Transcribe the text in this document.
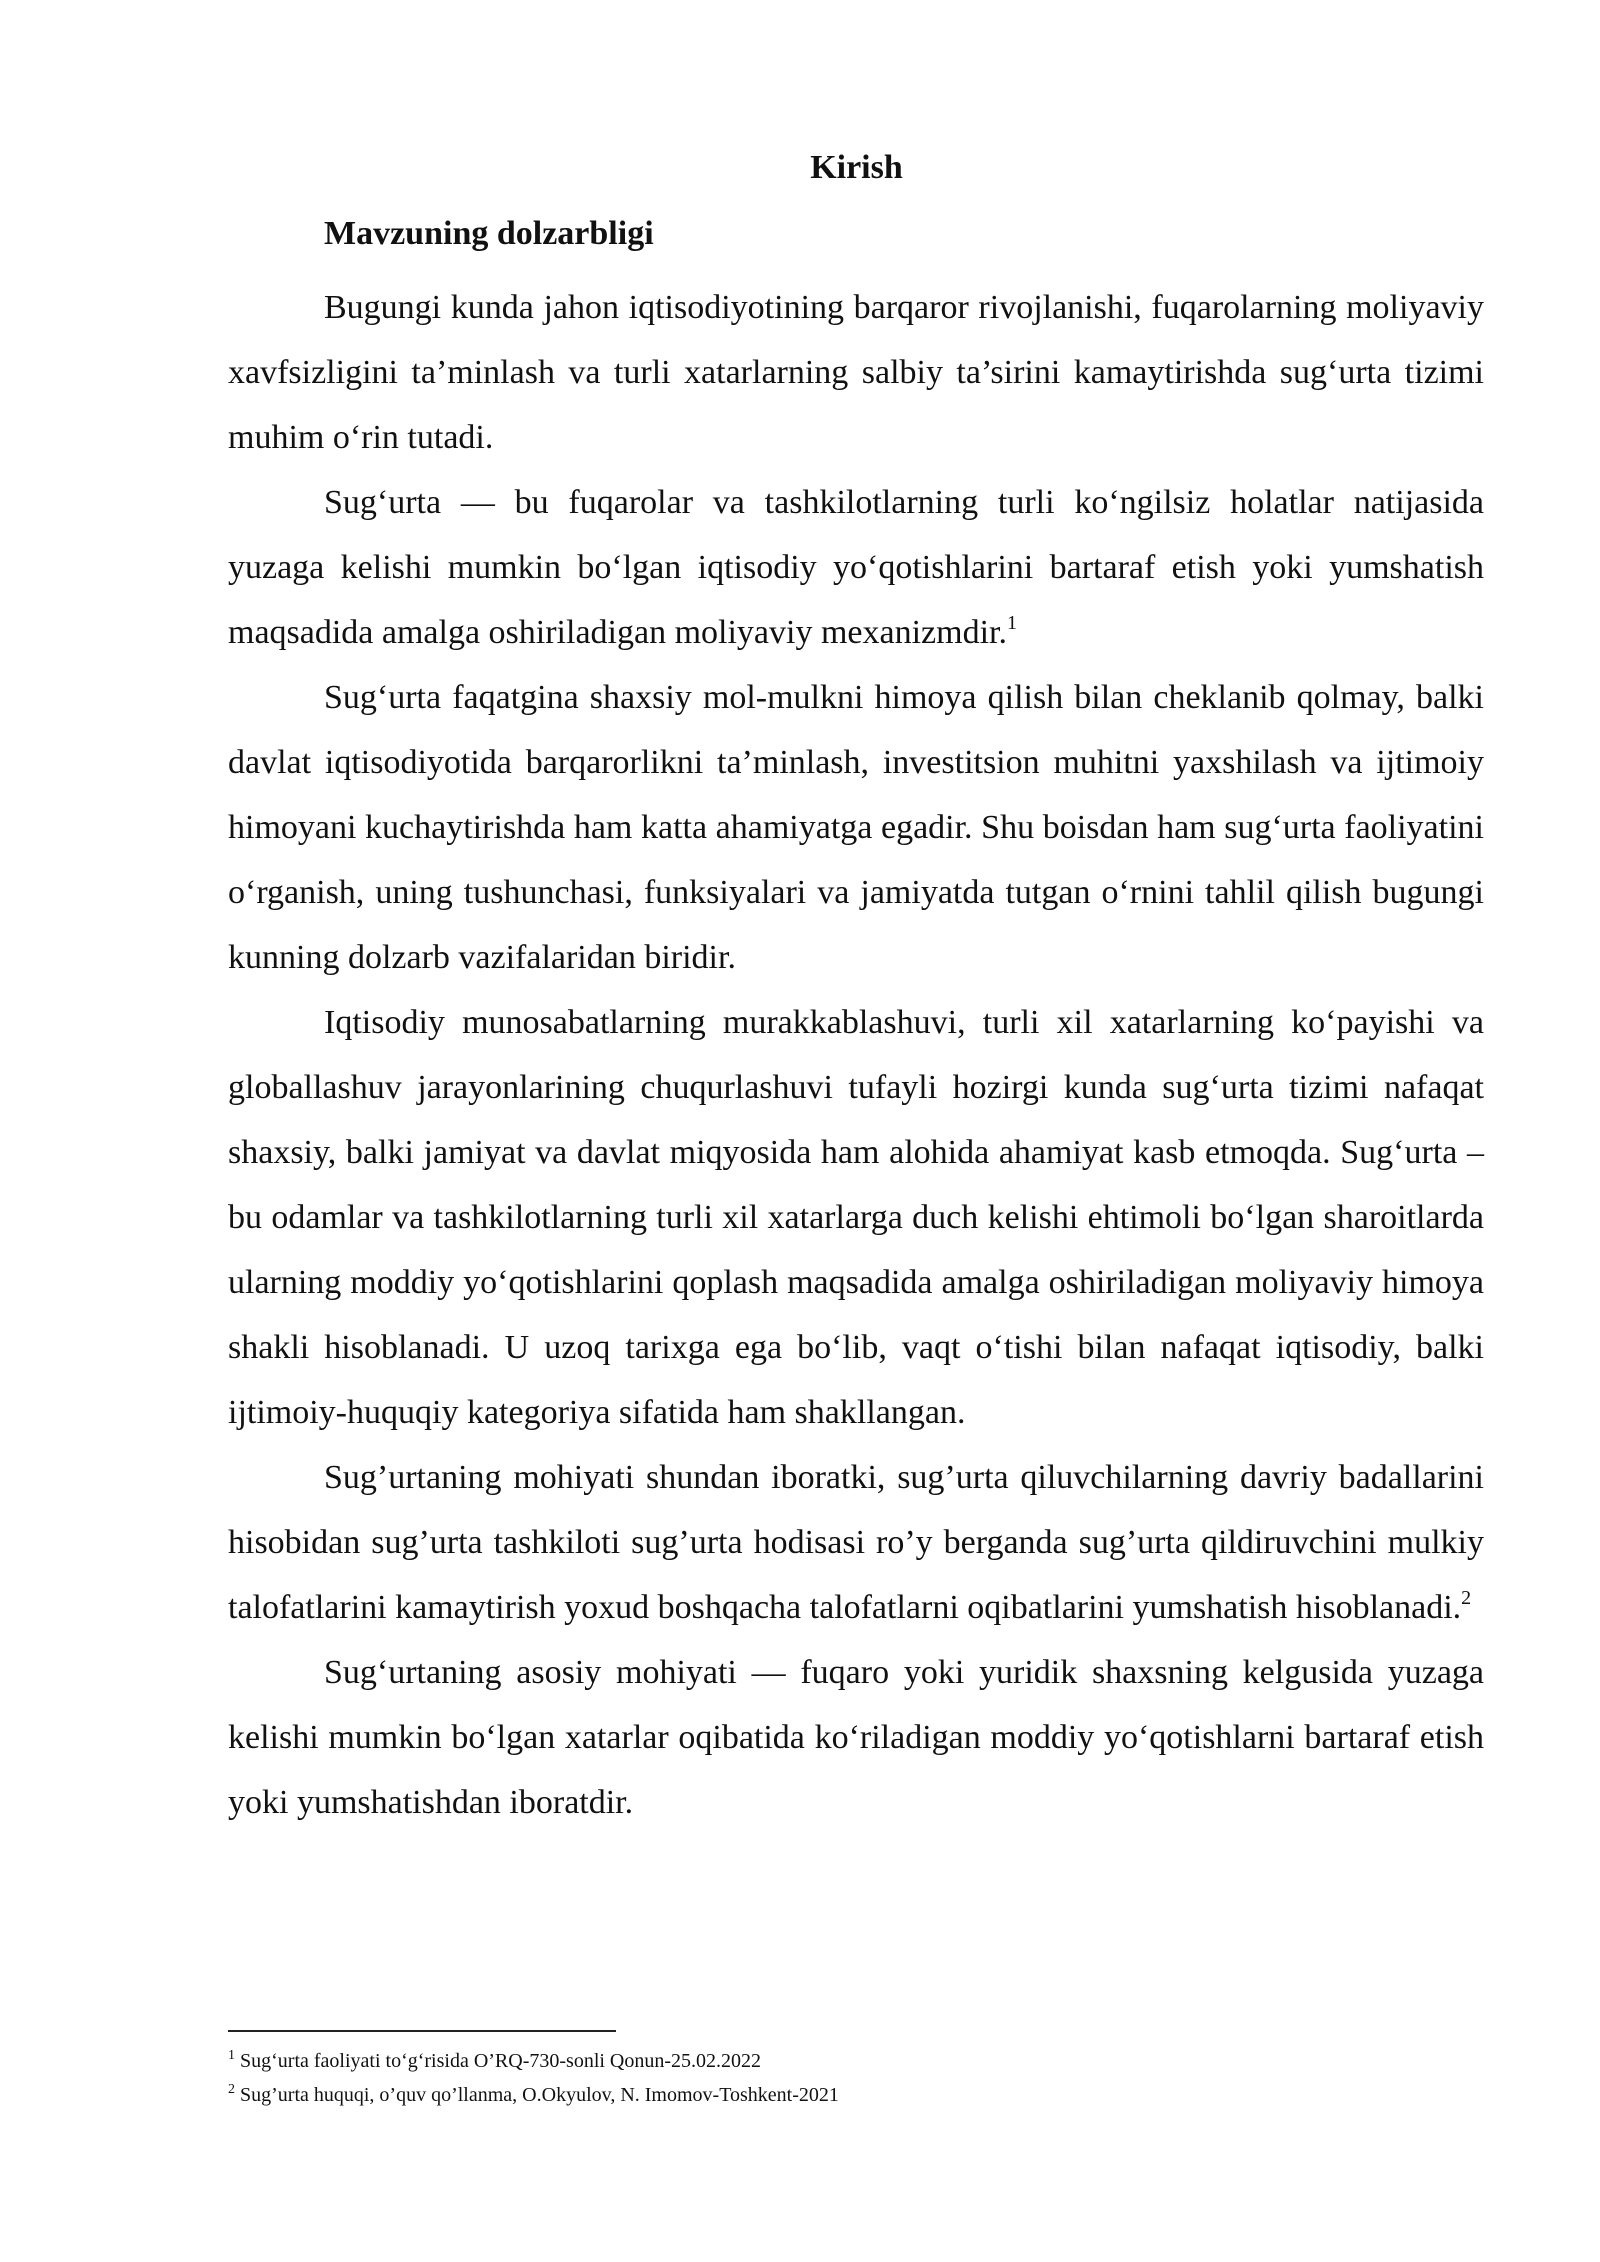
Kirish
Mavzuning dolzarbligi

Bugungi kunda jahon iqtisodiyotining barqaror rivojlanishi, fuqarolarning moliyaviy xavfsizligini ta’minlash va turli xatarlarning salbiy ta’sirini kamaytirishda sug‘urta tizimi muhim o‘rin tutadi.

Sug‘urta — bu fuqarolar va tashkilotlarning turli ko‘ngilsiz holatlar natijasida yuzaga kelishi mumkin bo‘lgan iqtisodiy yo‘qotishlarini bartaraf etish yoki yumshatish maqsadida amalga oshiriladigan moliyaviy mexanizmdir.$^1$

Sug‘urta faqatgina shaxsiy mol-mulkni himoya qilish bilan cheklanib qolmay, balki davlat iqtisodiyotida barqarorlikni ta’minlash, investitsion muhitni yaxshilash va ijtimoiy himoyani kuchaytirishda ham katta ahamiyatga egadir. Shu boisdan ham sug‘urta faoliyatini o‘rganish, uning tushunchasi, funksiyalari va jamiyatda tutgan o‘rnini tahlil qilish bugungi kunning dolzarb vazifalaridan biridir.

Iqtisodiy munosabatlarning murakkablashuvi, turli xil xatarlarning ko‘payishi va globallashuv jarayonlarining chuqurlashuvi tufayli hozirgi kunda sug‘urta tizimi nafaqat shaxsiy, balki jamiyat va davlat miqyosida ham alohida ahamiyat kasb etmoqda. Sug‘urta – bu odamlar va tashkilotlarning turli xil xatarlarga duch kelishi ehtimoli bo‘lgan sharoitlarda ularning moddiy yo‘qotishlarini qoplash maqsadida amalga oshiriladigan moliyaviy himoya shakli hisoblanadi. U uzoq tarixga ega bo‘lib, vaqt o‘tishi bilan nafaqat iqtisodiy, balki ijtimoiy-huquqiy kategoriya sifatida ham shakllangan.

Sug’urtaning mohiyati shundan iboratki, sug’urta qiluvchilarning davriy badallarini hisobidan sug’urta tashkiloti sug’urta hodisasi ro’y berganda sug’urta qildiruvchini mulkiy talofatlarini kamaytirish yoxud boshqacha talofatlarni oqibatlarini yumshatish hisoblanadi.$^2$

Sug‘urtaning asosiy mohiyati — fuqaro yoki yuridik shaxsning kelgusida yuzaga kelishi mumkin bo‘lgan xatarlar oqibatida ko‘riladigan moddiy yo‘qotishlarni bartaraf etish yoki yumshatishdan iboratdir.

$^1$ Sug‘urta faoliyati to‘g‘risida O’RQ-730-sonli Qonun-25.02.2022
$^2$ Sug’urta huquqi, o’quv qo’llanma, O.Okyulov, N. Imomov-Toshkent-2021
